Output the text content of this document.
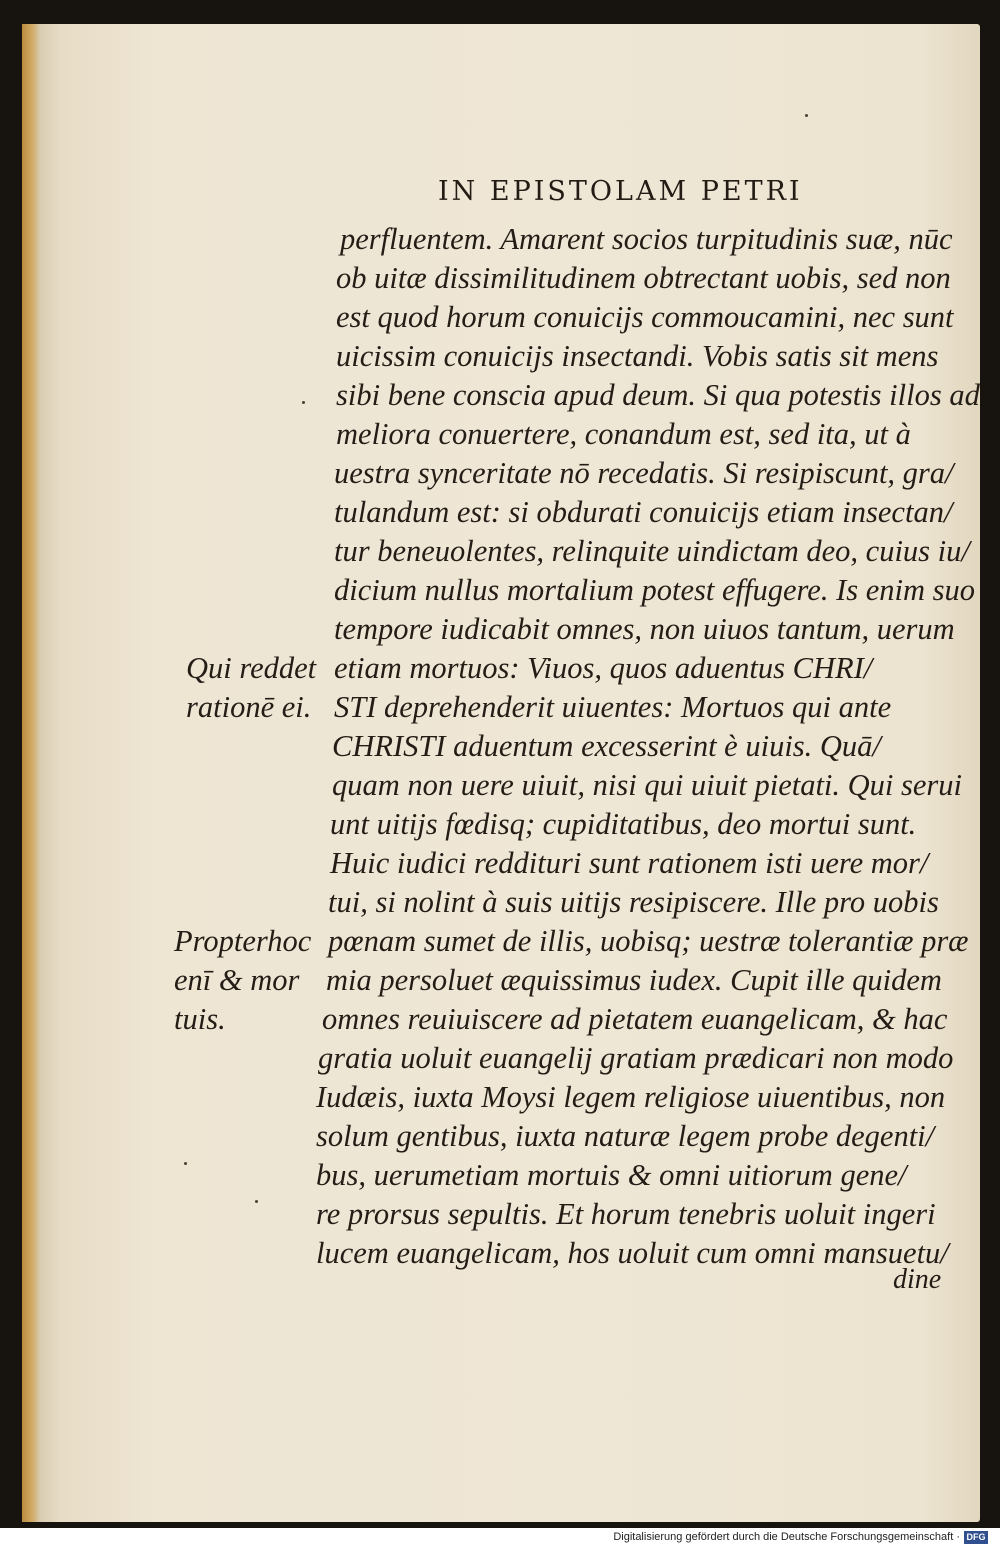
IN EPISTOLAM PETRI
perfluentem. Amarent socios turpitudinis suæ, nūc
ob uitæ dissimilitudinem obtrectant uobis, sed non
est quod horum conuicijs commoucamini, nec sunt
uicissim conuicijs insectandi. Vobis satis sit mens
sibi bene conscia apud deum. Si qua potestis illos ad
meliora conuertere, conandum est, sed ita, ut à
uestra synceritate nō recedatis. Si resipiscunt, gra/
tulandum est: si obdurati conuicijs etiam insectan/
tur beneuolentes, relinquite uindictam deo, cuius iu/
dicium nullus mortalium potest effugere. Is enim suo
tempore iudicabit omnes, non uiuos tantum, uerum
etiam mortuos: Viuos, quos aduentus CHRI/
STI deprehenderit uiuentes: Mortuos qui ante
CHRISTI aduentum excesserint è uiuis. Quā/
quam non uere uiuit, nisi qui uiuit pietati. Qui serui
unt uitijs fœdisq; cupiditatibus, deo mortui sunt.
Huic iudici reddituri sunt rationem isti uere mor/
tui, si nolint à suis uitijs resipiscere. Ille pro uobis
pœnam sumet de illis, uobisq; uestræ tolerantiæ præ
mia persoluet æquissimus iudex. Cupit ille quidem
omnes reuiuiscere ad pietatem euangelicam, & hac
gratia uoluit euangelij gratiam prædicari non modo
Iudæis, iuxta Moysi legem religiose uiuentibus, non
solum gentibus, iuxta naturæ legem probe degenti/
bus, uerumetiam mortuis & omni uitiorum gene/
re prorsus sepultis. Et horum tenebris uoluit ingeri
lucem euangelicam, hos uoluit cum omni mansuetu/
dine
Qui reddet
rationē ei.
Propterhoc
enī & mor
tuis.
Digitalisierung gefördert durch die Deutsche Forschungsgemeinschaft · DFG
